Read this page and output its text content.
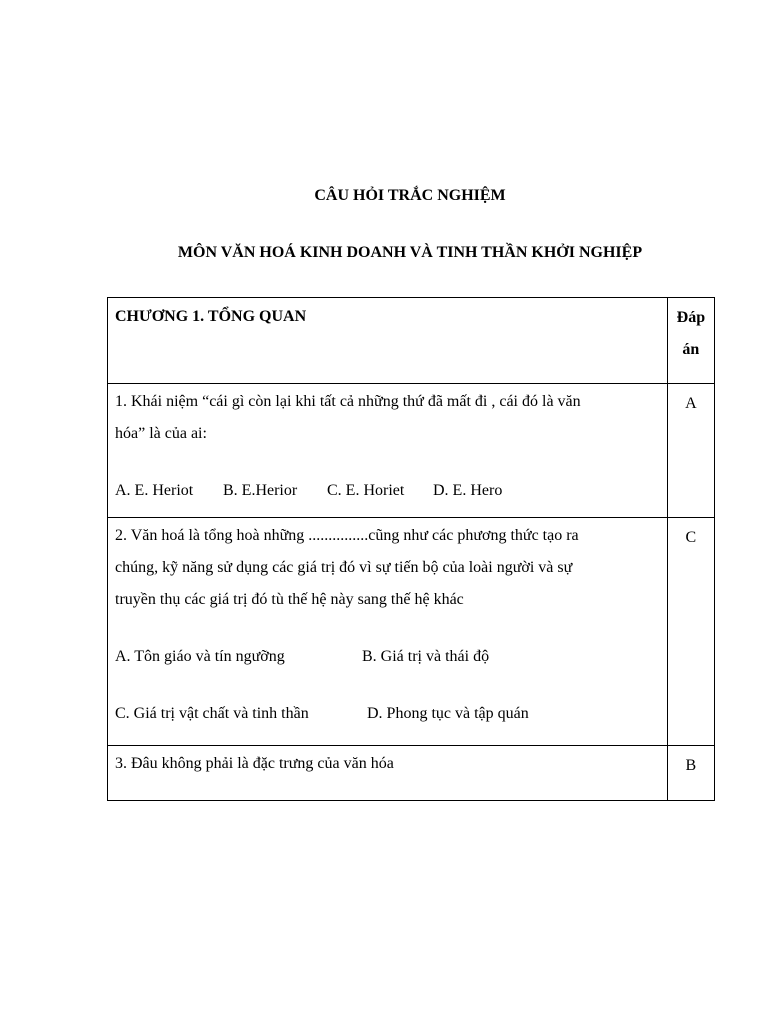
CÂU HỎI TRẮC NGHIỆM
MÔN VĂN HOÁ KINH DOANH VÀ TINH THẦN KHỞI NGHIỆP
CHƯƠNG 1. TỔNG QUAN	Đáp
án

1. Khái niệm “cái gì còn lại khi tất cả những thứ đã mất đi , cái đó là văn
hóa” là của ai:
A. E. Heriot B. E.Herior C. E. Horiet D. E. Hero	A

2. Văn hoá là tổng hoà những ...............cũng như các phương thức tạo ra
chúng, kỹ năng sử dụng các giá trị đó vì sự tiến bộ của loài người và sự
truyền thụ các giá trị đó tù thế hệ này sang thế hệ khác
A. Tôn giáo và tín ngưỡng B. Giá trị và thái độ
C. Giá trị vật chất và tinh thần D. Phong tục và tập quán	C

3. Đâu không phải là đặc trưng của văn hóa	B
